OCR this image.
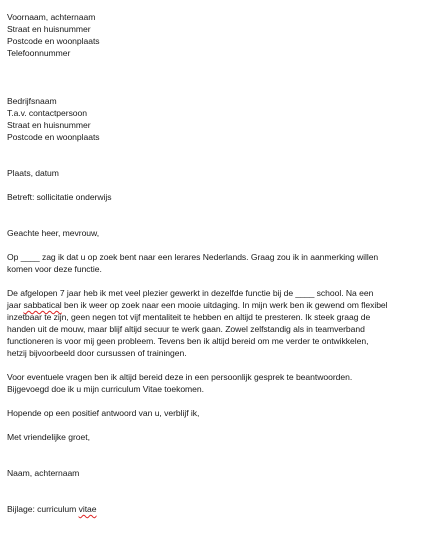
Voornaam, achternaam
Straat en huisnummer
Postcode en woonplaats
Telefoonnummer
Bedrijfsnaam
T.a.v. contactpersoon
Straat en huisnummer
Postcode en woonplaats
Plaats, datum
Betreft: sollicitatie onderwijs
Geachte heer, mevrouw,
Op ____ zag ik dat u op zoek bent naar een lerares Nederlands. Graag zou ik in aanmerking willen
komen voor deze functie.
De afgelopen 7 jaar heb ik met veel plezier gewerkt in dezelfde functie bij de ____ school. Na een
jaar sabbatical ben ik weer op zoek naar een mooie uitdaging. In mijn werk ben ik gewend om flexibel
inzetbaar te zijn, geen negen tot vijf mentaliteit te hebben en altijd te presteren. Ik steek graag de
handen uit de mouw, maar blijf altijd secuur te werk gaan. Zowel zelfstandig als in teamverband
functioneren is voor mij geen probleem. Tevens ben ik altijd bereid om me verder te ontwikkelen,
hetzij bijvoorbeeld door cursussen of trainingen.
Voor eventuele vragen ben ik altijd bereid deze in een persoonlijk gesprek te beantwoorden.
Bijgevoegd doe ik u mijn curriculum Vitae toekomen.
Hopende op een positief antwoord van u, verblijf ik,
Met vriendelijke groet,
Naam, achternaam
Bijlage: curriculum vitae
